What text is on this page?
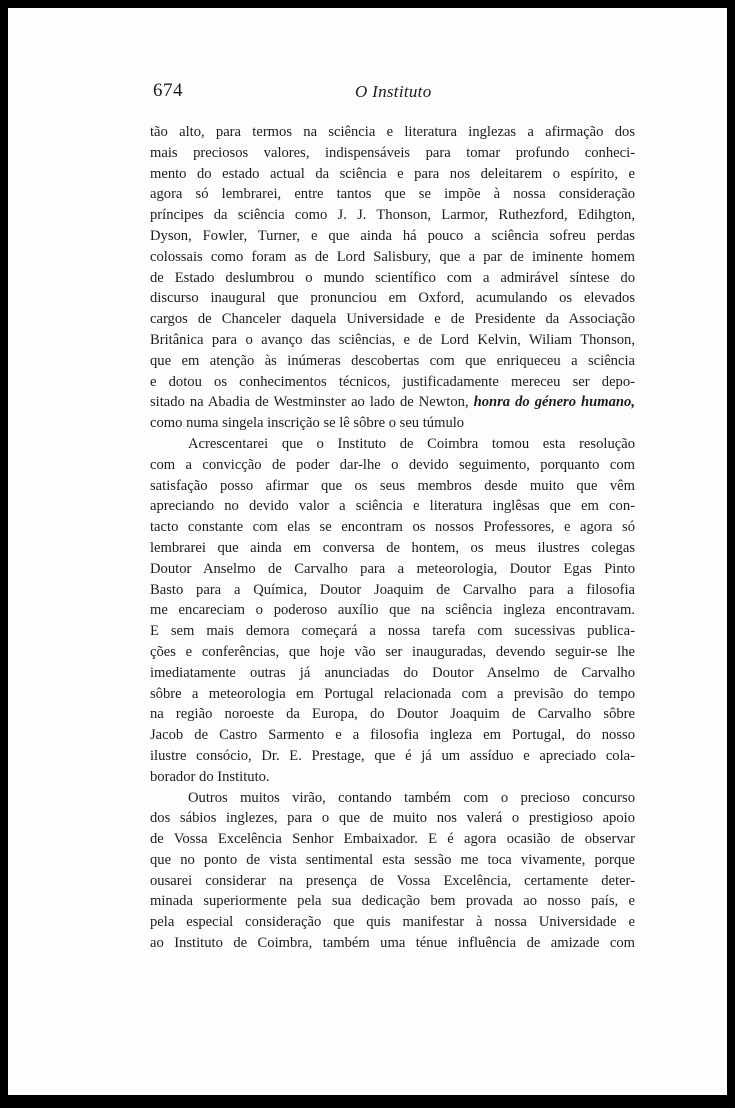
674	O Instituto

tão alto, para termos na sciência e literatura inglezas a afirmação dos

mais preciosos valores, indispensáveis para tomar profundo conheci-

mento do estado actual da sciência e para nos deleitarem o espírito, e

agora só lembrarei, entre tantos que se impõe à nossa consideração

príncipes da sciência como J. J. Thonson, Larmor, Ruthezford, Edihgton,

Dyson, Fowler, Turner, e que ainda há pouco a sciência sofreu perdas

colossais como foram as de Lord Salisbury, que a par de iminente homem

de Estado deslumbrou o mundo scientífico com a admirável síntese do

discurso inaugural que pronunciou em Oxford, acumulando os elevados

cargos de Chanceler daquela Universidade e de Presidente da Associação

Britânica para o avanço das sciências, e de Lord Kelvin, Wiliam Thonson,

que em atenção às inúmeras descobertas com que enriqueceu a sciência

e dotou os conhecimentos técnicos, justificadamente mereceu ser depo-

sitado na Abadia de Westminster ao lado de Newton, honra do género humano,

como numa singela inscrição se lê sôbre o seu túmulo

Acrescentarei que o Instituto de Coimbra tomou esta resolução

com a convicção de poder dar-lhe o devido seguimento, porquanto com

satisfação posso afirmar que os seus membros desde muito que vêm

apreciando no devido valor a sciência e literatura inglêsas que em con-

tacto constante com elas se encontram os nossos Professores, e agora só

lembrarei que ainda em conversa de hontem, os meus ilustres colegas

Doutor Anselmo de Carvalho para a meteorologia, Doutor Egas Pinto

Basto para a Química, Doutor Joaquim de Carvalho para a filosofia

me encareciam o poderoso auxílio que na sciência ingleza encontravam.

E sem mais demora começará a nossa tarefa com sucessivas publica-

ções e conferências, que hoje vão ser inauguradas, devendo seguir-se lhe

imediatamente outras já anunciadas do Doutor Anselmo de Carvalho

sôbre a meteorologia em Portugal relacionada com a previsão do tempo

na região noroeste da Europa, do Doutor Joaquim de Carvalho sôbre

Jacob de Castro Sarmento e a filosofia ingleza em Portugal, do nosso

ilustre consócio, Dr. E. Prestage, que é já um assíduo e apreciado cola-

borador do Instituto.

Outros muitos virão, contando também com o precioso concurso

dos sábios inglezes, para o que de muito nos valerá o prestigioso apoio

de Vossa Excelência Senhor Embaixador. E é agora ocasião de observar

que no ponto de vista sentimental esta sessão me toca vivamente, porque

ousarei considerar na presença de Vossa Excelência, certamente deter-

minada superiormente pela sua dedicação bem provada ao nosso país, e

pela especial consideração que quis manifestar à nossa Universidade e

ao Instituto de Coimbra, também uma ténue influência de amizade com
